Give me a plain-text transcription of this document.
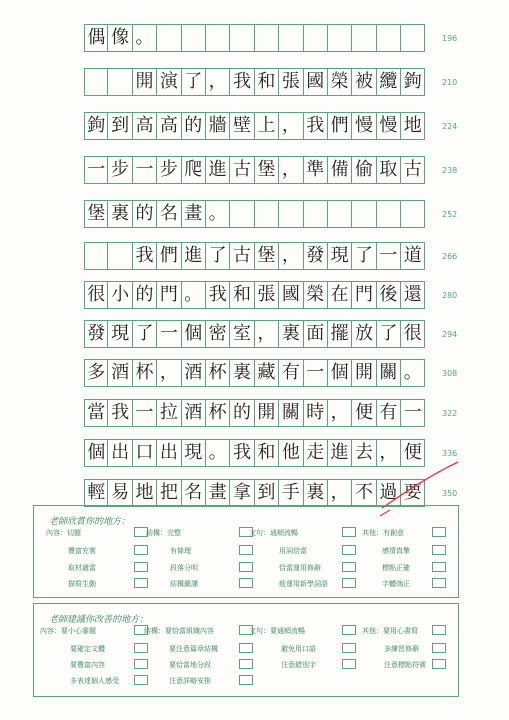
偶 像 。
開 演 了 ， 我 和 張 國 榮 被 纜 鉤
鉤 到 高 高 的 牆 壁 上 ， 我 們 慢 慢 地
一 步 一 步 爬 進 古 堡 ， 準 備 偷 取 古
堡 裏 的 名 畫 。
我 們 進 了 古 堡 ， 發 現 了 一 道
很 小 的 門 。 我 和 張 國 榮 在 門 後 還
發 現 了 一 個 密 室 ， 裏 面 擺 放 了 很
多 酒 杯 ， 酒 杯 裏 藏 有 一 個 開 關 。
當 我 一 拉 酒 杯 的 開 關 時 ， 便 有 一
個 出 口 出 現 。 我 和 他 走 進 去 ， 便
輕 易 地 把 名 畫 拿 到 手 裏 ， 不 過 要
196
210
224
238
252
266
280
294
308
322
336
350
老師欣賞你的地方：
內容：切題	結構：完整	文句：通順流暢	其他：有創意
豐富充實	有條理	用詞恰當	感情真摯
取材適當	段落分明	恰當運用修辭	標點正確
描寫生動	結構嚴謹	能運用新學詞語	字體端正
老師建議你改善的地方：
內容：要小心審題	結構：要恰當組織內容	文句：要通順流暢	其他：要用心書寫
要確定文體	要注意篇章結構	避免用口語	多練習修辭
要豐富內容	要恰當地分段	注意錯別字	注意標點符號
多表達個人感受	注意詳略安排
